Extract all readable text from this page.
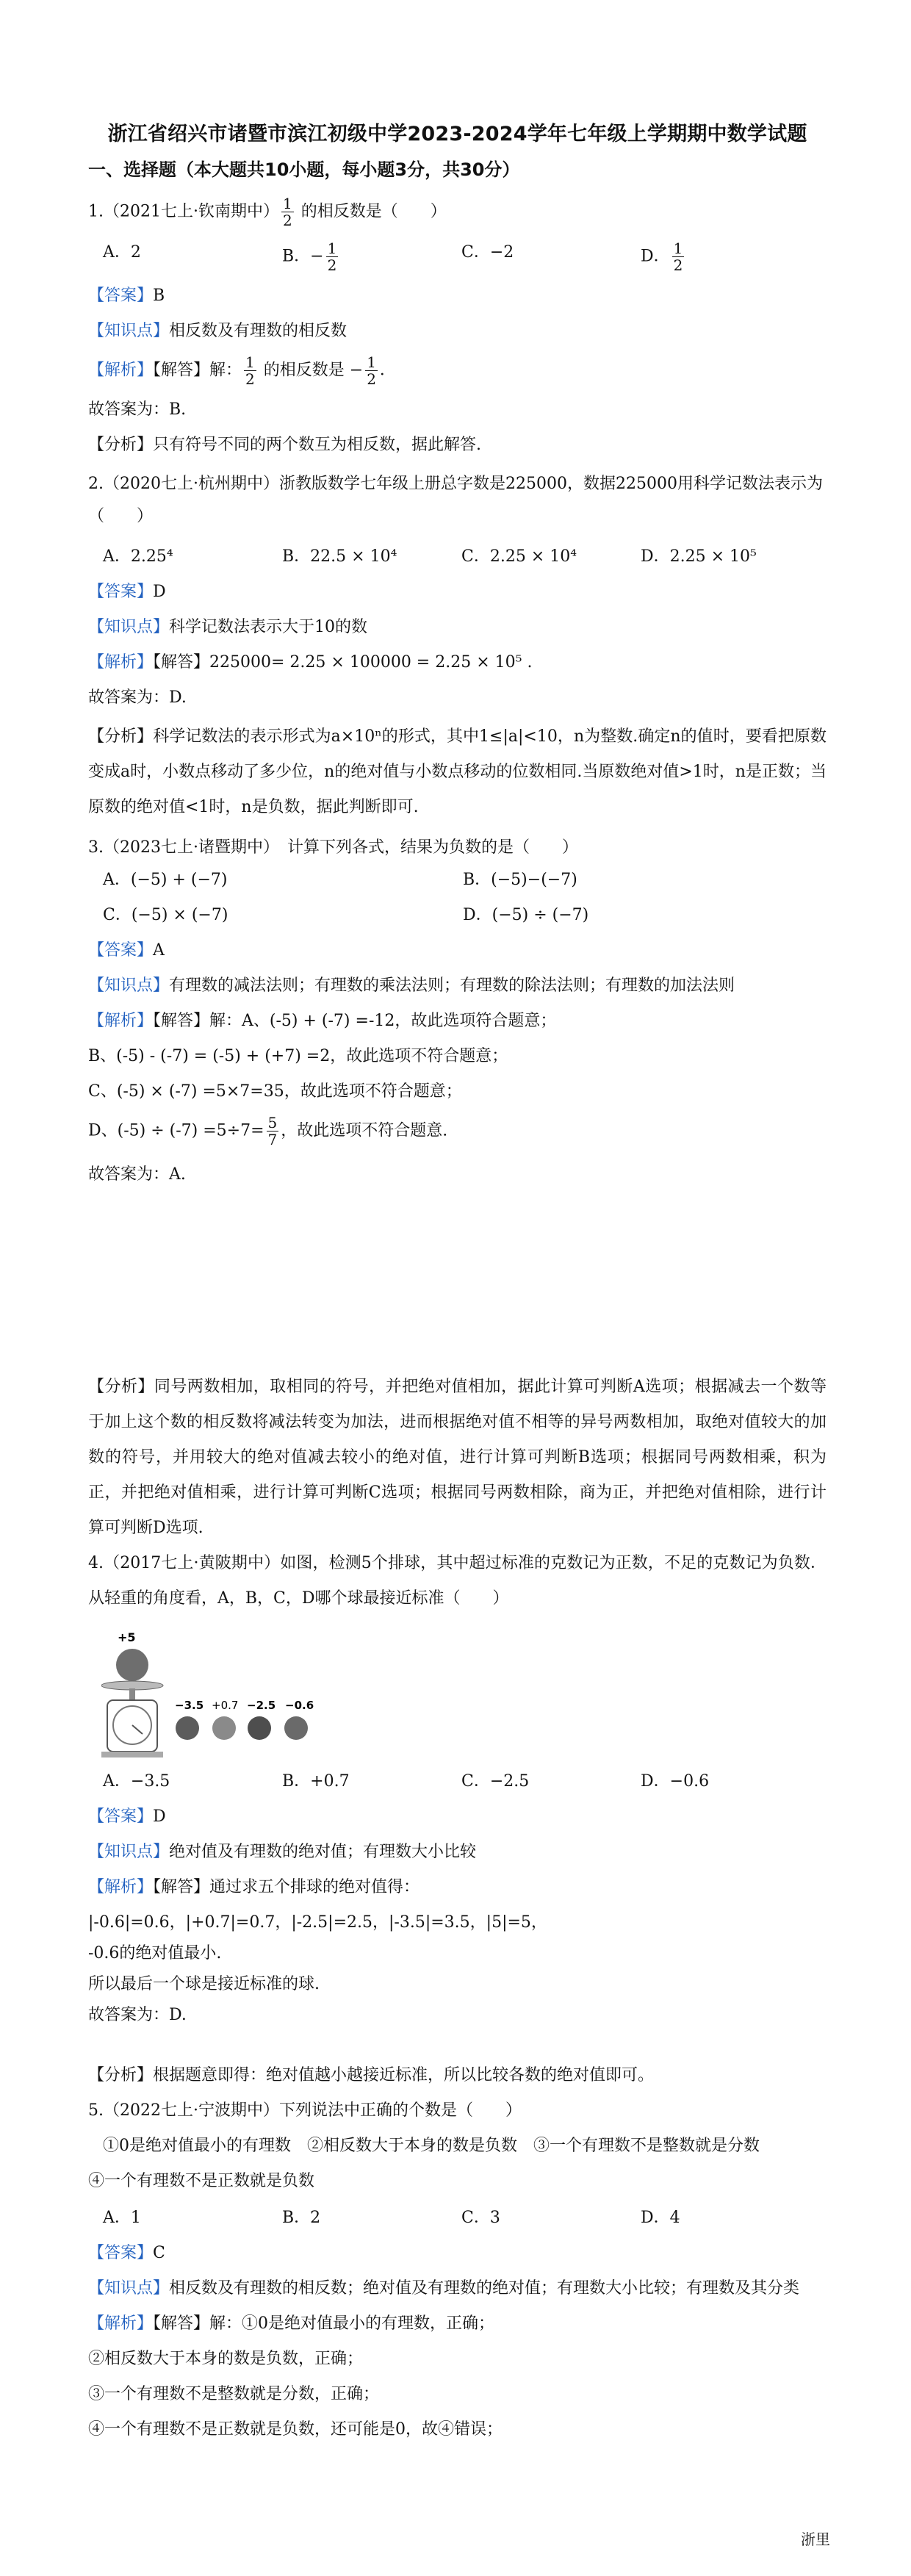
浙江省绍兴市诸暨市滨江初级中学2023-2024学年七年级上学期期中数学试题
一、选择题（本大题共10小题，每小题3分，共30分）
1.（2021七上·钦南期中） $\frac{1}{2}$ 的相反数是（　　）
A．2	B．− $\frac{1}{2}$	C．−2	D． $\frac{1}{2}$
【答案】B
【知识点】相反数及有理数的相反数
【解析】【解答】解： $\frac{1}{2}$ 的相反数是 − $\frac{1}{2}$ ．
故答案为：B.
【分析】只有符号不同的两个数互为相反数，据此解答.
2.（2020七上·杭州期中）浙教版数学七年级上册总字数是225000，数据225000用科学记数法表示为（　　）
A．2.25⁴	B．22.5 × 10⁴	C．2.25 × 10⁴	D．2.25 × 10⁵
【答案】D
【知识点】科学记数法表示大于10的数
【解析】【解答】225000= 2.25 × 100000 = 2.25 × 10⁵ .
故答案为：D.
【分析】科学记数法的表示形式为a×10ⁿ的形式，其中1≤|a|<10，n为整数.确定n的值时，要看把原数变成a时，小数点移动了多少位，n的绝对值与小数点移动的位数相同.当原数绝对值>1时，n是正数；当原数的绝对值<1时，n是负数，据此判断即可.
3.（2023七上·诸暨期中）　计算下列各式，结果为负数的是（　　）
A．(−5) + (−7)	B．(−5)−(−7)
C．(−5) × (−7)	D．(−5) ÷ (−7)
【答案】A
【知识点】有理数的减法法则；有理数的乘法法则；有理数的除法法则；有理数的加法法则
【解析】【解答】解：A、(-5) + (-7) =-12，故此选项符合题意；
B、(-5) - (-7) = (-5) + (+7) =2，故此选项不符合题意；
C、(-5) × (-7) =5×7=35，故此选项不符合题意；
D、$(-5) \div (-7) =5\div 7= \frac{5}{7}$ ，故此选项不符合题意.
故答案为：A.
【分析】同号两数相加，取相同的符号，并把绝对值相加，据此计算可判断A选项；根据减去一个数等于加上这个数的相反数将减法转变为加法，进而根据绝对值不相等的异号两数相加，取绝对值较大的加数的符号，并用较大的绝对值减去较小的绝对值，进行计算可判断B选项；根据同号两数相乘，积为正，并把绝对值相乘，进行计算可判断C选项；根据同号两数相除，商为正，并把绝对值相除，进行计算可判断D选项.
4.（2017七上·黄陂期中）如图，检测5个排球，其中超过标准的克数记为正数，不足的克数记为负数．从轻重的角度看，A，B，C，D哪个球最接近标准（　　）
+5
−3.5 +0.7 −2.5 −0.6
A．−3.5	B．+0.7	C．−2.5	D．−0.6
【答案】D
【知识点】绝对值及有理数的绝对值；有理数大小比较
【解析】【解答】通过求五个排球的绝对值得：
|-0.6|=0.6，|+0.7|=0.7，|-2.5|=2.5，|-3.5|=3.5，|5|=5，
-0.6的绝对值最小.
所以最后一个球是接近标准的球.
故答案为：D.
【分析】根据题意即得：绝对值越小越接近标准，所以比较各数的绝对值即可。
5.（2022七上·宁波期中）下列说法中正确的个数是（　　）
①0是绝对值最小的有理数　②相反数大于本身的数是负数　③一个有理数不是整数就是分数
④一个有理数不是正数就是负数
A．1	B．2	C．3	D．4
【答案】C
【知识点】相反数及有理数的相反数；绝对值及有理数的绝对值；有理数大小比较；有理数及其分类
【解析】【解答】解：①0是绝对值最小的有理数，正确；
②相反数大于本身的数是负数，正确；
③一个有理数不是整数就是分数，正确；
④一个有理数不是正数就是负数，还可能是0，故④错误；
浙里
